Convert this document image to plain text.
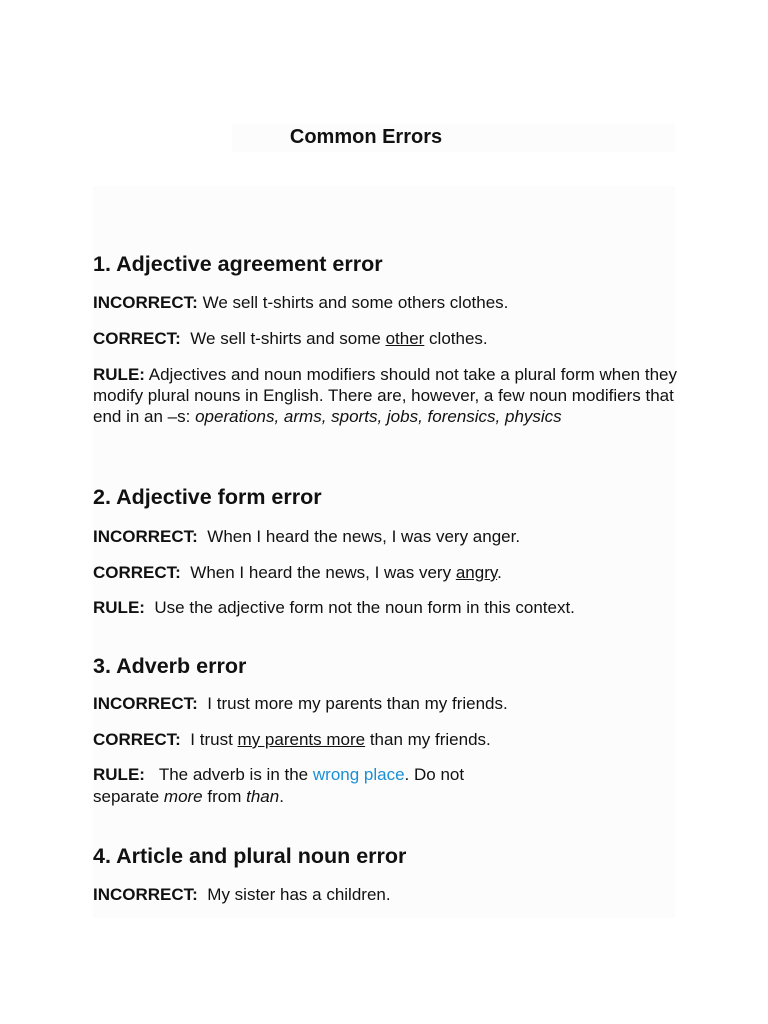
Common Errors
1. Adjective agreement error

INCORRECT: We sell t-shirts and some others clothes.

CORRECT: We sell t-shirts and some other clothes.

RULE: Adjectives and noun modifiers should not take a plural form when they modify plural nouns in English. There are, however, a few noun modifiers that end in an –s: operations, arms, sports, jobs, forensics, physics

2. Adjective form error

INCORRECT: When I heard the news, I was very anger.

CORRECT: When I heard the news, I was very angry.

RULE: Use the adjective form not the noun form in this context.

3. Adverb error

INCORRECT: I trust more my parents than my friends.

CORRECT: I trust my parents more than my friends.

RULE: The adverb is in the wrong place. Do not

separate more from than.

4. Article and plural noun error

INCORRECT: My sister has a children.
